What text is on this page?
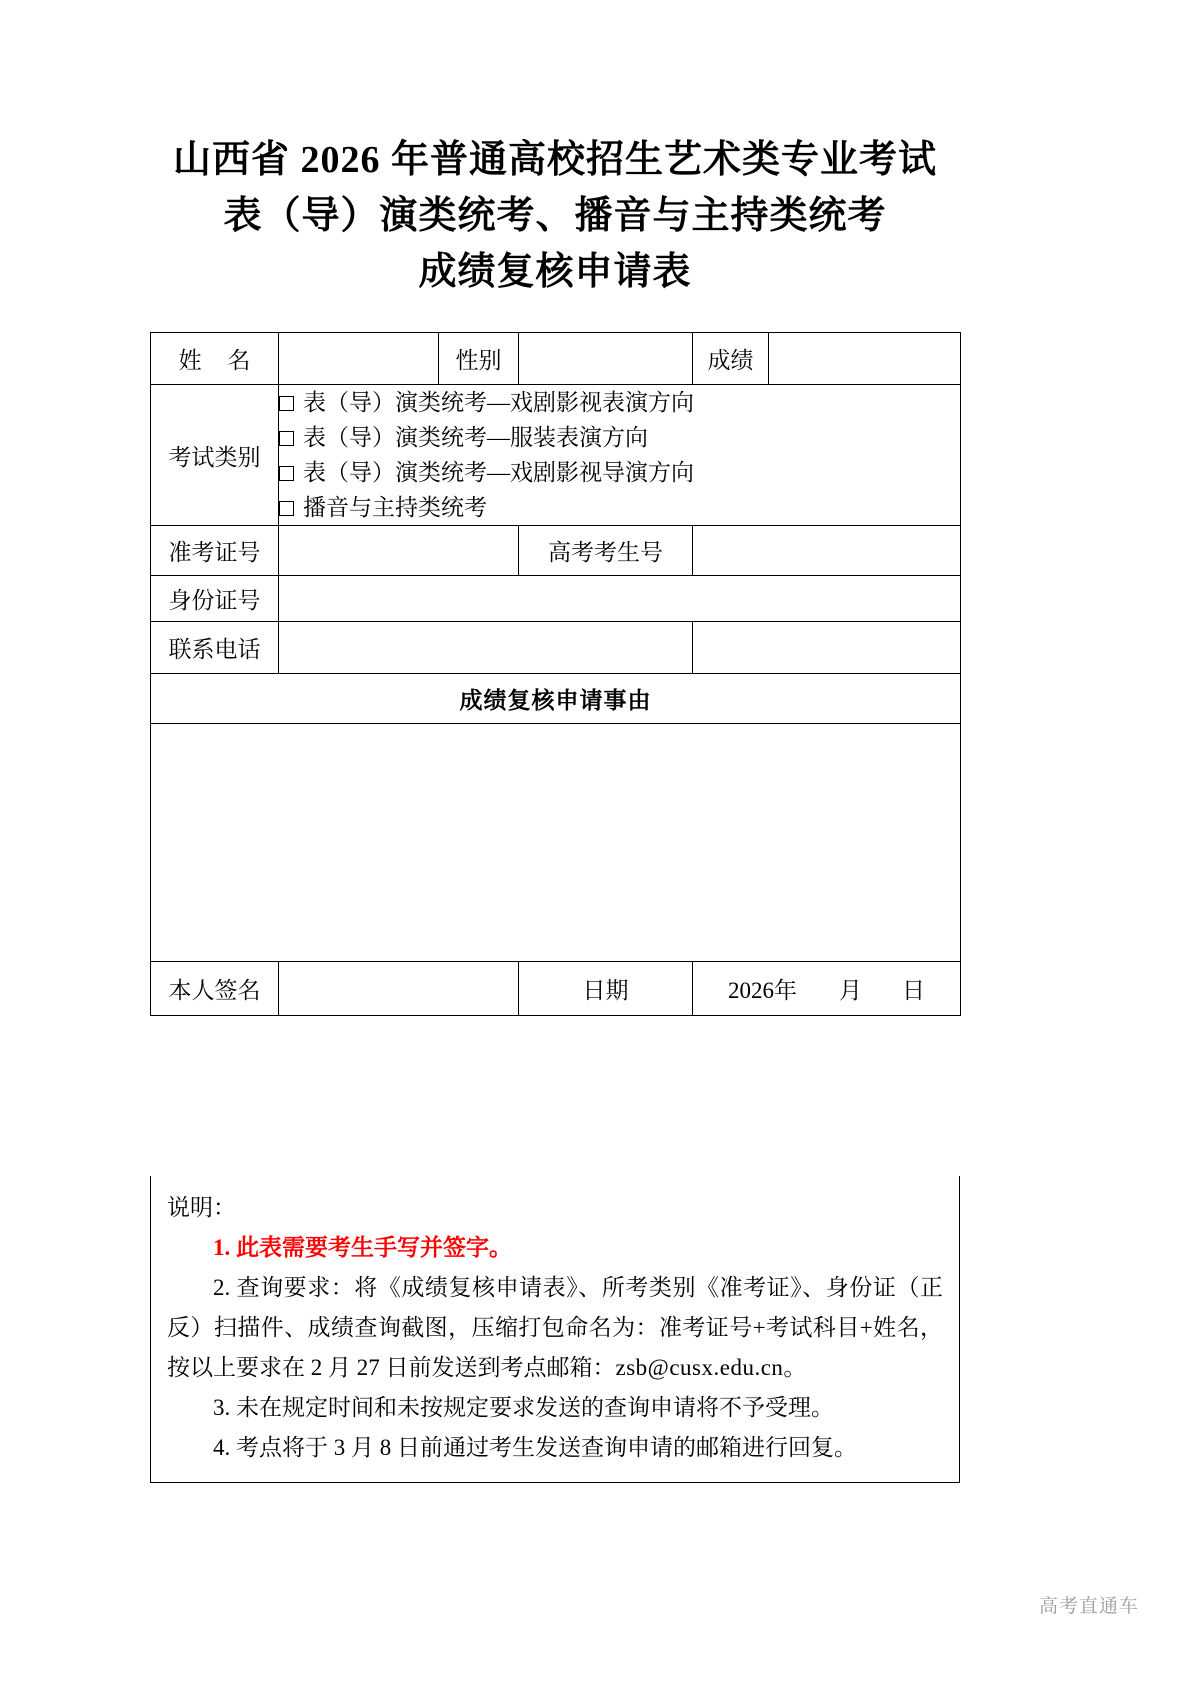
山西省 2026 年普通高校招生艺术类专业考试
表（导）演类统考、播音与主持类统考
成绩复核申请表
姓 名		性别		成绩	
考试类别	
表（导）演类统考—戏剧影视表演方向
表（导）演类统考—服装表演方向
表（导）演类统考—戏剧影视导演方向
播音与主持类统考

准考证号		高考考生号	
身份证号	

联系电话		
成绩复核申请事由

本人签名		日期	2026年 月 日
说明：
1. 此表需要考生手写并签字。
2. 查询要求：将《成绩复核申请表》、所考类别《准考证》、身份证（正反）扫描件、成绩查询截图，压缩打包命名为：准考证号+考试科目+姓名，按以上要求在 2 月 27 日前发送到考点邮箱：zsb@cusx.edu.cn。
3. 未在规定时间和未按规定要求发送的查询申请将不予受理。
4. 考点将于 3 月 8 日前通过考生发送查询申请的邮箱进行回复。
高考直通车
